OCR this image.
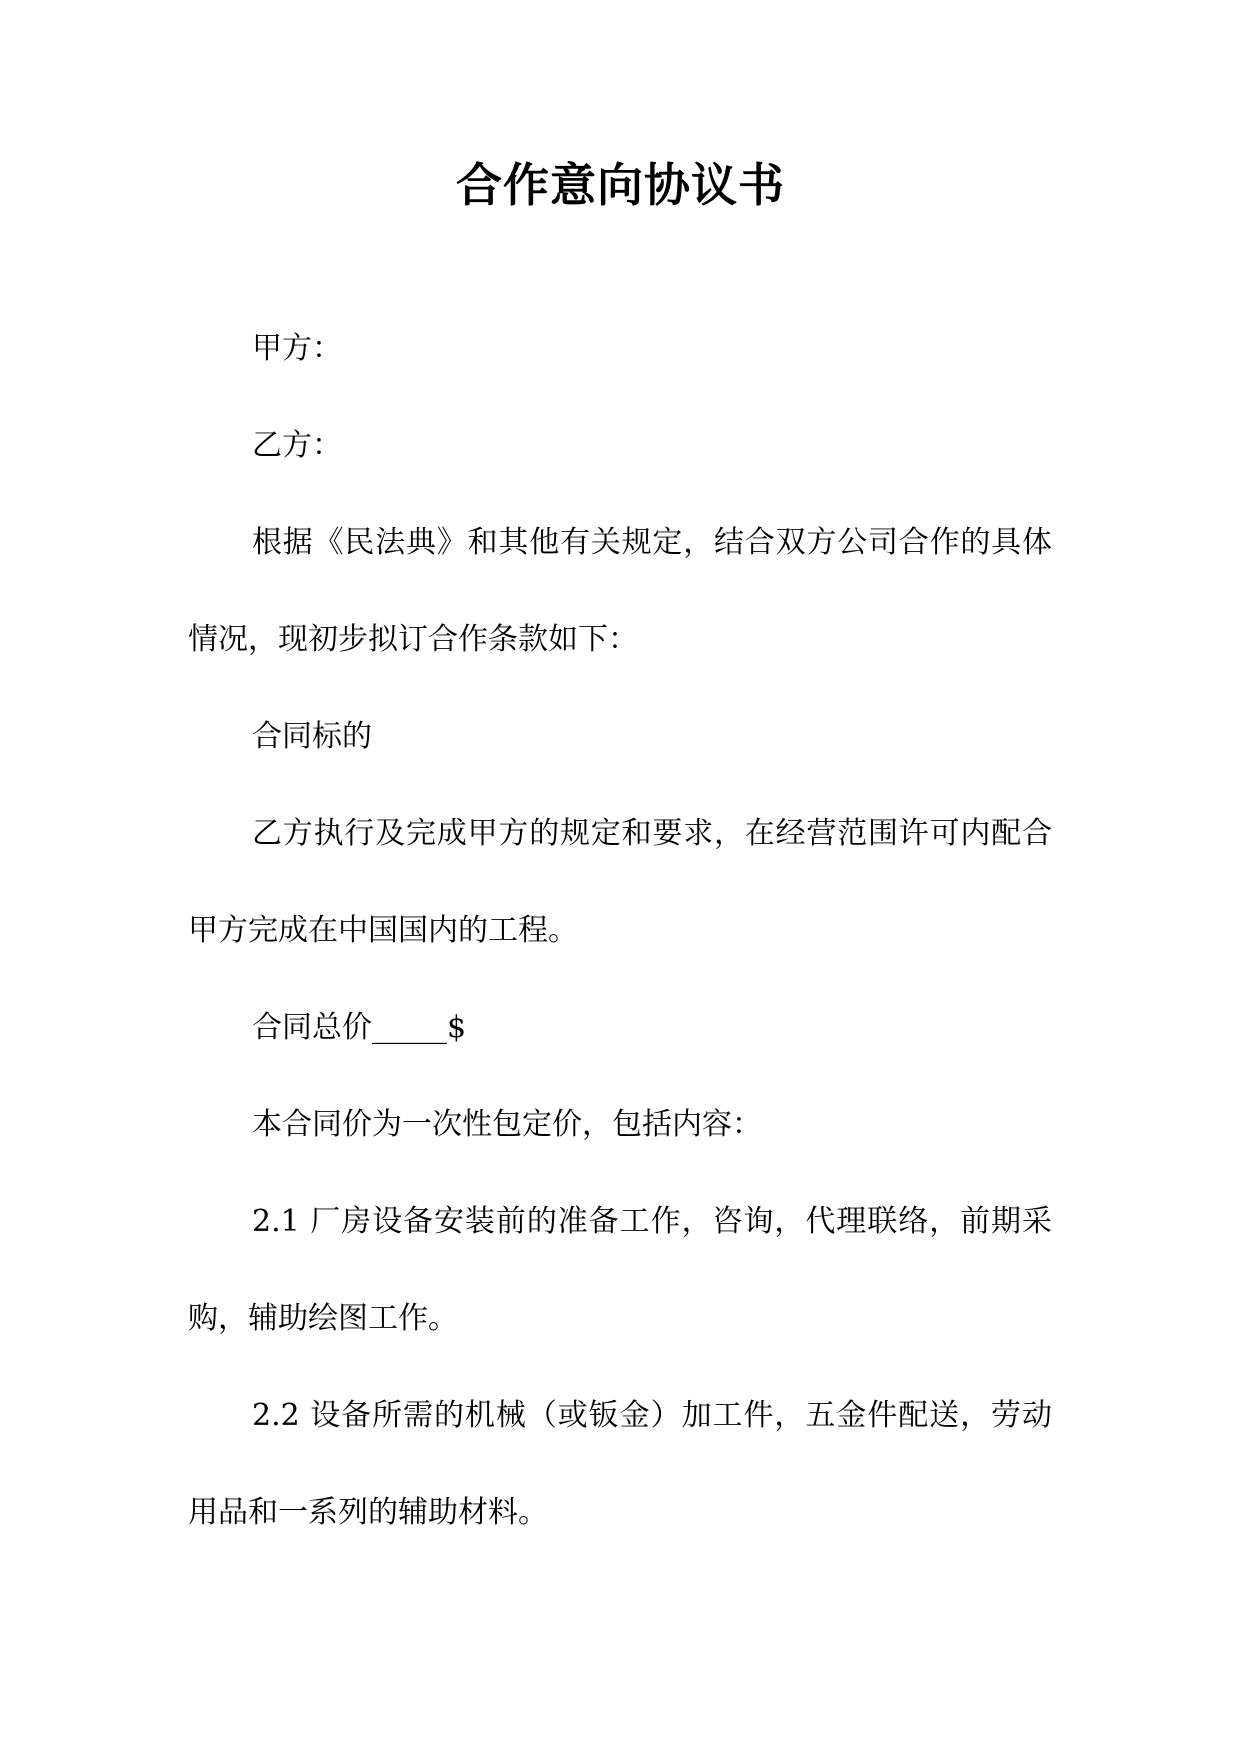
合作意向协议书

甲方：

乙方：

根据《民法典》和其他有关规定，结合双方公司合作的具体情况，现初步拟订合作条款如下：

合同标的

乙方执行及完成甲方的规定和要求，在经营范围许可内配合甲方完成在中国国内的工程。

合同总价_____$

本合同价为一次性包定价，包括内容：

2.1 厂房设备安装前的准备工作，咨询，代理联络，前期采购，辅助绘图工作。

2.2 设备所需的机械（或钣金）加工件，五金件配送，劳动用品和一系列的辅助材料。
